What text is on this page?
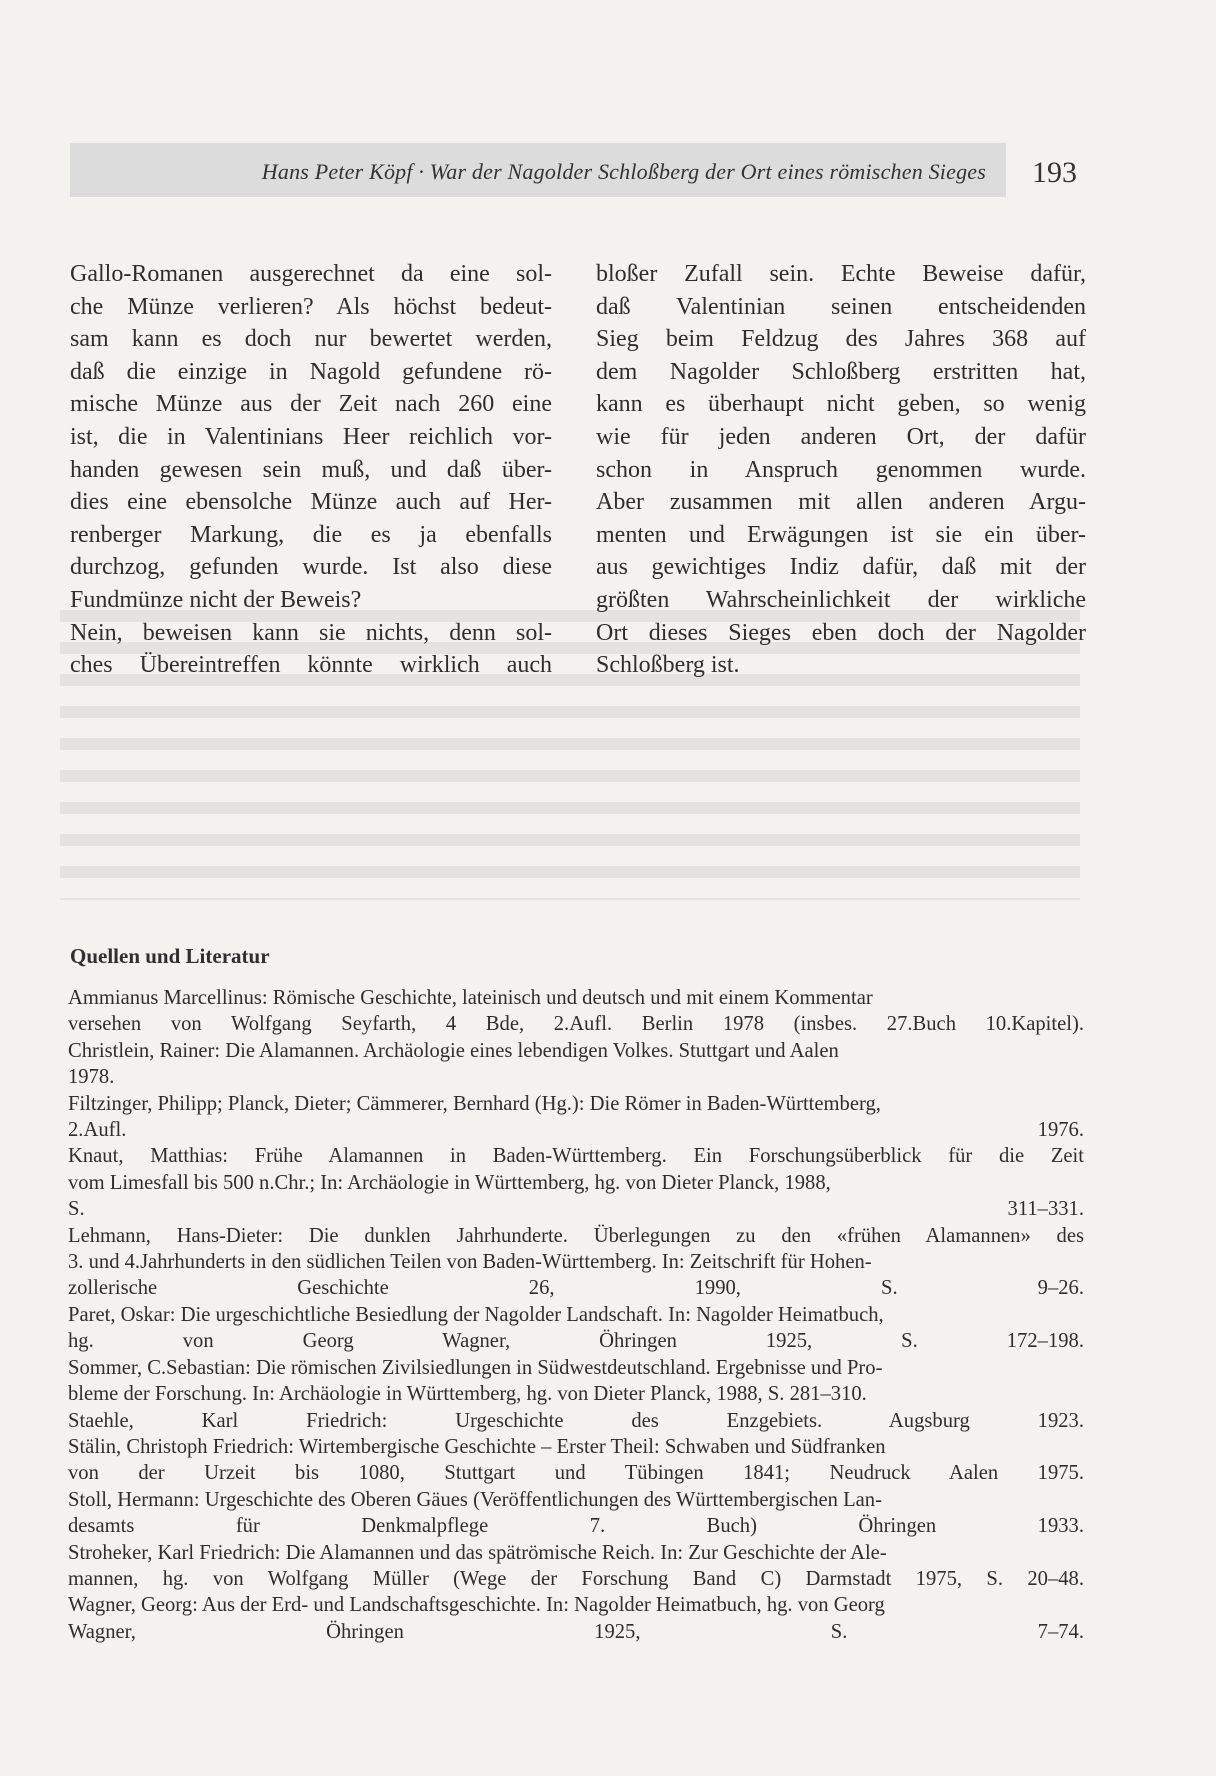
Hans Peter Köpf · War der Nagolder Schloßberg der Ort eines römischen Sieges 193
Gallo-Romanen ausgerechnet da eine sol-
che Münze verlieren? Als höchst bedeut-
sam kann es doch nur bewertet werden,
daß die einzige in Nagold gefundene rö-
mische Münze aus der Zeit nach 260 eine
ist, die in Valentinians Heer reichlich vor-
handen gewesen sein muß, und daß über-
dies eine ebensolche Münze auch auf Her-
renberger Markung, die es ja ebenfalls
durchzog, gefunden wurde. Ist also diese
Fundmünze nicht der Beweis?
Nein, beweisen kann sie nichts, denn sol-
ches Übereintreffen könnte wirklich auch
bloßer Zufall sein. Echte Beweise dafür,
daß Valentinian seinen entscheidenden
Sieg beim Feldzug des Jahres 368 auf
dem Nagolder Schloßberg erstritten hat,
kann es überhaupt nicht geben, so wenig
wie für jeden anderen Ort, der dafür
schon in Anspruch genommen wurde.
Aber zusammen mit allen anderen Argu-
menten und Erwägungen ist sie ein über-
aus gewichtiges Indiz dafür, daß mit der
größten Wahrscheinlichkeit der wirkliche
Ort dieses Sieges eben doch der Nagolder
Schloßberg ist.
Quellen und Literatur
Ammianus Marcellinus: Römische Geschichte, lateinisch und deutsch und mit einem Kommentar
versehen von Wolfgang Seyfarth, 4 Bde, 2.Aufl. Berlin 1978 (insbes. 27.Buch 10.Kapitel).
Christlein, Rainer: Die Alamannen. Archäologie eines lebendigen Volkes. Stuttgart und Aalen
1978.
Filtzinger, Philipp; Planck, Dieter; Cämmerer, Bernhard (Hg.): Die Römer in Baden-Württemberg,
2.Aufl. 1976.
Knaut, Matthias: Frühe Alamannen in Baden-Württemberg. Ein Forschungsüberblick für die Zeit
vom Limesfall bis 500 n.Chr.; In: Archäologie in Württemberg, hg. von Dieter Planck, 1988,
S. 311–331.
Lehmann, Hans-Dieter: Die dunklen Jahrhunderte. Überlegungen zu den «frühen Alamannen» des
3. und 4.Jahrhunderts in den südlichen Teilen von Baden-Württemberg. In: Zeitschrift für Hohen-
zollerische Geschichte 26, 1990, S. 9–26.
Paret, Oskar: Die urgeschichtliche Besiedlung der Nagolder Landschaft. In: Nagolder Heimatbuch,
hg. von Georg Wagner, Öhringen 1925, S. 172–198.
Sommer, C.Sebastian: Die römischen Zivilsiedlungen in Südwestdeutschland. Ergebnisse und Pro-
bleme der Forschung. In: Archäologie in Württemberg, hg. von Dieter Planck, 1988, S. 281–310.
Staehle, Karl Friedrich: Urgeschichte des Enzgebiets. Augsburg 1923.
Stälin, Christoph Friedrich: Wirtembergische Geschichte – Erster Theil: Schwaben und Südfranken
von der Urzeit bis 1080, Stuttgart und Tübingen 1841; Neudruck Aalen 1975.
Stoll, Hermann: Urgeschichte des Oberen Gäues (Veröffentlichungen des Württembergischen Lan-
desamts für Denkmalpflege 7. Buch) Öhringen 1933.
Stroheker, Karl Friedrich: Die Alamannen und das spätrömische Reich. In: Zur Geschichte der Ale-
mannen, hg. von Wolfgang Müller (Wege der Forschung Band C) Darmstadt 1975, S. 20–48.
Wagner, Georg: Aus der Erd- und Landschaftsgeschichte. In: Nagolder Heimatbuch, hg. von Georg
Wagner, Öhringen 1925, S. 7–74.
